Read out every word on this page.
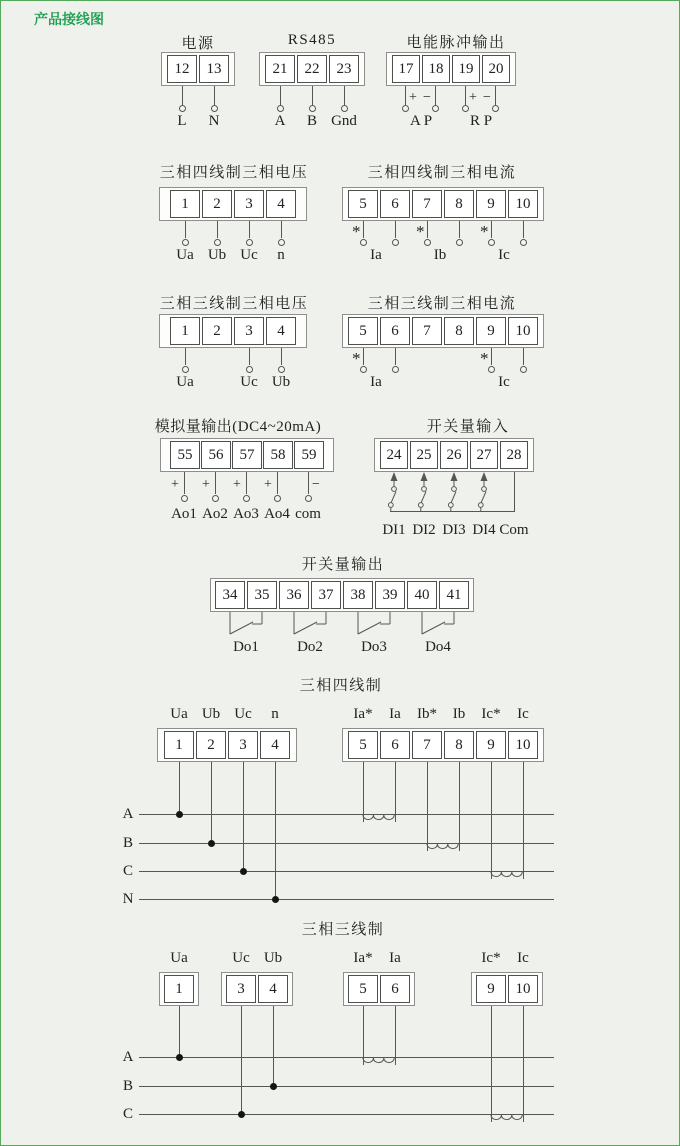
产品接线图
电源
12	13
L N
RS485
21	22	23
A B Gnd
电能脉冲输出
17	18	19	20
+ −	+ −
A P	R P
三相四线制三相电压
1	2	3	4
Ua Ub Uc n
三相四线制三相电流
5	6	7	8	9	10
*	*	*
Ia	Ib	Ic
三相三线制三相电压
1	2	3	4
Ua	Uc Ub
三相三线制三相电流
5	6	7	8	9	10
*	*
Ia	Ic
模拟量输出(DC4~20mA)
55	56	57	58	59
+ + + +	−
Ao1 Ao2 Ao3 Ao4 com
开关量输入
24	25	26	27	28
DI1 DI2 DI3 DI4 Com
开关量输出
34	35	36	37	38	39	40	41
Do1	Do2	Do3	Do4
三相四线制
Ua Ub Uc n	Ia* Ia Ib* Ib Ic* Ic
1	2	3	4	5	6	7	8	9	10
A
B
C
N
三相三线制
Ua	Uc Ub	Ia* Ia	Ic* Ic
1	3	4	5	6	9	10
A
B
C
